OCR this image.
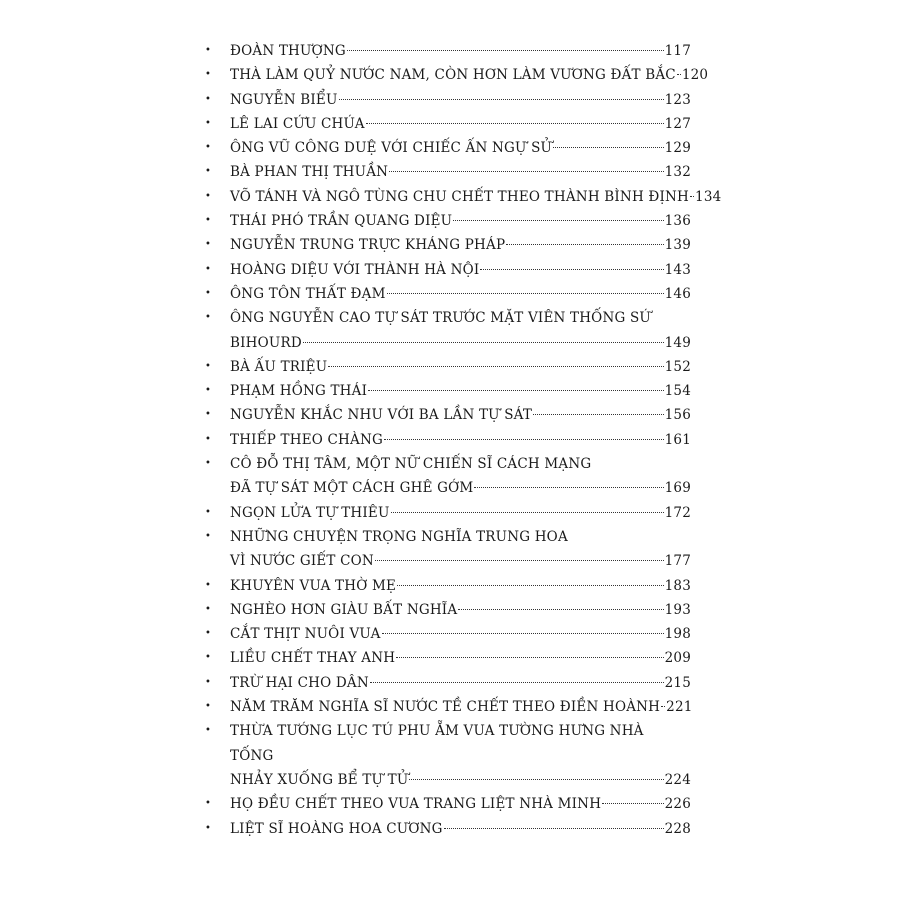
• ĐOÀN THƯỢNG	117
• THÀ LÀM QUỶ NƯỚC NAM, CÒN HƠN LÀM VƯƠNG ĐẤT BẮC 120
• NGUYỄN BIỂU	123
• LÊ LAI CỨU CHÚA	127
• ÔNG VŨ CÔNG DUỆ VỚI CHIẾC ẤN NGỰ SỬ	129
• BÀ PHAN THỊ THUẦN	132
• VÕ TÁNH VÀ NGÔ TÙNG CHU CHẾT THEO THÀNH BÌNH ĐỊNH 134
• THÁI PHÓ TRẦN QUANG DIỆU	136
• NGUYỄN TRUNG TRỰC KHÁNG PHÁP	139
• HOÀNG DIỆU VỚI THÀNH HÀ NỘI	143
• ÔNG TÔN THẤT ĐẠM	146
• ÔNG NGUYỄN CAO TỰ SÁT TRƯỚC MẶT VIÊN THỐNG SỨ
BIHOURD	149
• BÀ ẤU TRIỆU	152
• PHẠM HỒNG THÁI	154
• NGUYỄN KHẮC NHU VỚI BA LẦN TỰ SÁT	156
• THIẾP THEO CHÀNG	161
• CÔ ĐỖ THỊ TÂM, MỘT NỮ CHIẾN SĨ CÁCH MẠNG
ĐÃ TỰ SÁT MỘT CÁCH GHÊ GỚM	169
• NGỌN LỬA TỰ THIÊU	172
• NHỮNG CHUYỆN TRỌNG NGHĨA TRUNG HOA
VÌ NƯỚC GIẾT CON	177
• KHUYÊN VUA THỜ MẸ	183
• NGHÈO HƠN GIÀU BẤT NGHĨA	193
• CẮT THỊT NUÔI VUA	198
• LIỀU CHẾT THAY ANH	209
• TRỪ HẠI CHO DÂN	215
• NĂM TRĂM NGHĨA SĨ NƯỚC TỀ CHẾT THEO ĐIỀN HOÀNH 221
• THỪA TƯỚNG LỤC TÚ PHU ẴM VUA TƯỜNG HƯNG NHÀ TỐNG
NHẢY XUỐNG BỂ TỰ TỬ	224
• HỌ ĐỀU CHẾT THEO VUA TRANG LIỆT NHÀ MINH	226
• LIỆT SĨ HOÀNG HOA CƯƠNG	228
